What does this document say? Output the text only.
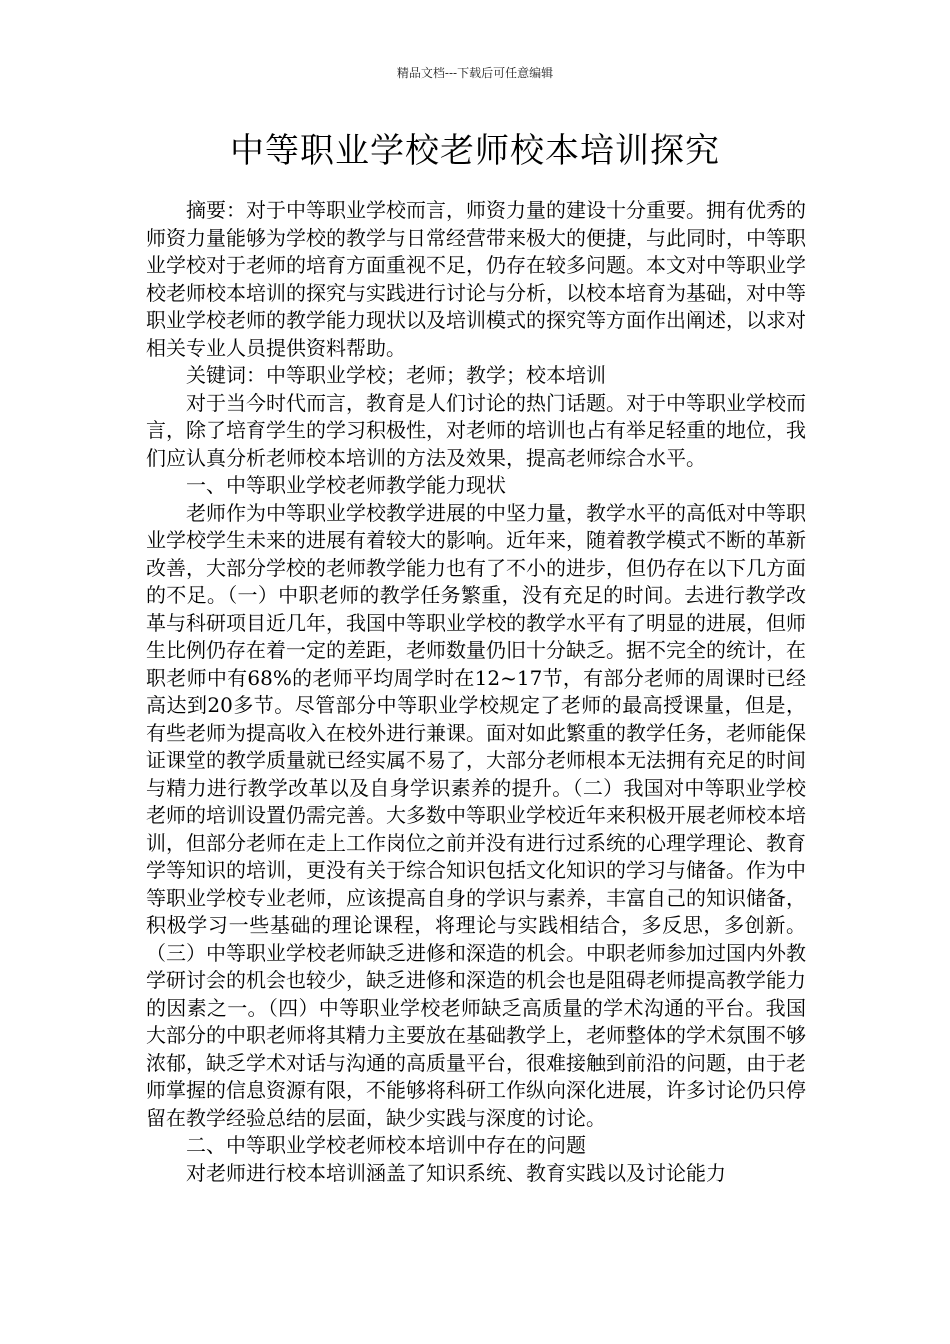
精品文档---下载后可任意编辑
中等职业学校老师校本培训探究

摘要：对于中等职业学校而言，师资力量的建设十分重要。拥有优秀的师资力量能够为学校的教学与日常经营带来极大的便捷，与此同时，中等职业学校对于老师的培育方面重视不足，仍存在较多问题。本文对中等职业学校老师校本培训的探究与实践进行讨论与分析，以校本培育为基础，对中等职业学校老师的教学能力现状以及培训模式的探究等方面作出阐述，以求对相关专业人员提供资料帮助。

关键词：中等职业学校；老师；教学；校本培训

对于当今时代而言，教育是人们讨论的热门话题。对于中等职业学校而言，除了培育学生的学习积极性，对老师的培训也占有举足轻重的地位，我们应认真分析老师校本培训的方法及效果，提高老师综合水平。

一、中等职业学校老师教学能力现状

老师作为中等职业学校教学进展的中坚力量，教学水平的高低对中等职业学校学生未来的进展有着较大的影响。近年来，随着教学模式不断的革新改善，大部分学校的老师教学能力也有了不小的进步，但仍存在以下几方面的不足。（一）中职老师的教学任务繁重，没有充足的时间。去进行教学改革与科研项目近几年，我国中等职业学校的教学水平有了明显的进展，但师生比例仍存在着一定的差距，老师数量仍旧十分缺乏。据不完全的统计，在职老师中有68%的老师平均周学时在12~17节，有部分老师的周课时已经高达到20多节。尽管部分中等职业学校规定了老师的最高授课量，但是，有些老师为提高收入在校外进行兼课。面对如此繁重的教学任务，老师能保证课堂的教学质量就已经实属不易了，大部分老师根本无法拥有充足的时间与精力进行教学改革以及自身学识素养的提升。（二）我国对中等职业学校老师的培训设置仍需完善。大多数中等职业学校近年来积极开展老师校本培训，但部分老师在走上工作岗位之前并没有进行过系统的心理学理论、教育学等知识的培训，更没有关于综合知识包括文化知识的学习与储备。作为中等职业学校专业老师，应该提高自身的学识与素养，丰富自己的知识储备，积极学习一些基础的理论课程，将理论与实践相结合，多反思，多创新。（三）中等职业学校老师缺乏进修和深造的机会。中职老师参加过国内外教学研讨会的机会也较少，缺乏进修和深造的机会也是阻碍老师提高教学能力的因素之一。（四）中等职业学校老师缺乏高质量的学术沟通的平台。我国大部分的中职老师将其精力主要放在基础教学上，老师整体的学术氛围不够浓郁，缺乏学术对话与沟通的高质量平台，很难接触到前沿的问题，由于老师掌握的信息资源有限，不能够将科研工作纵向深化进展，许多讨论仍只停留在教学经验总结的层面，缺少实践与深度的讨论。

二、中等职业学校老师校本培训中存在的问题

对老师进行校本培训涵盖了知识系统、教育实践以及讨论能力
